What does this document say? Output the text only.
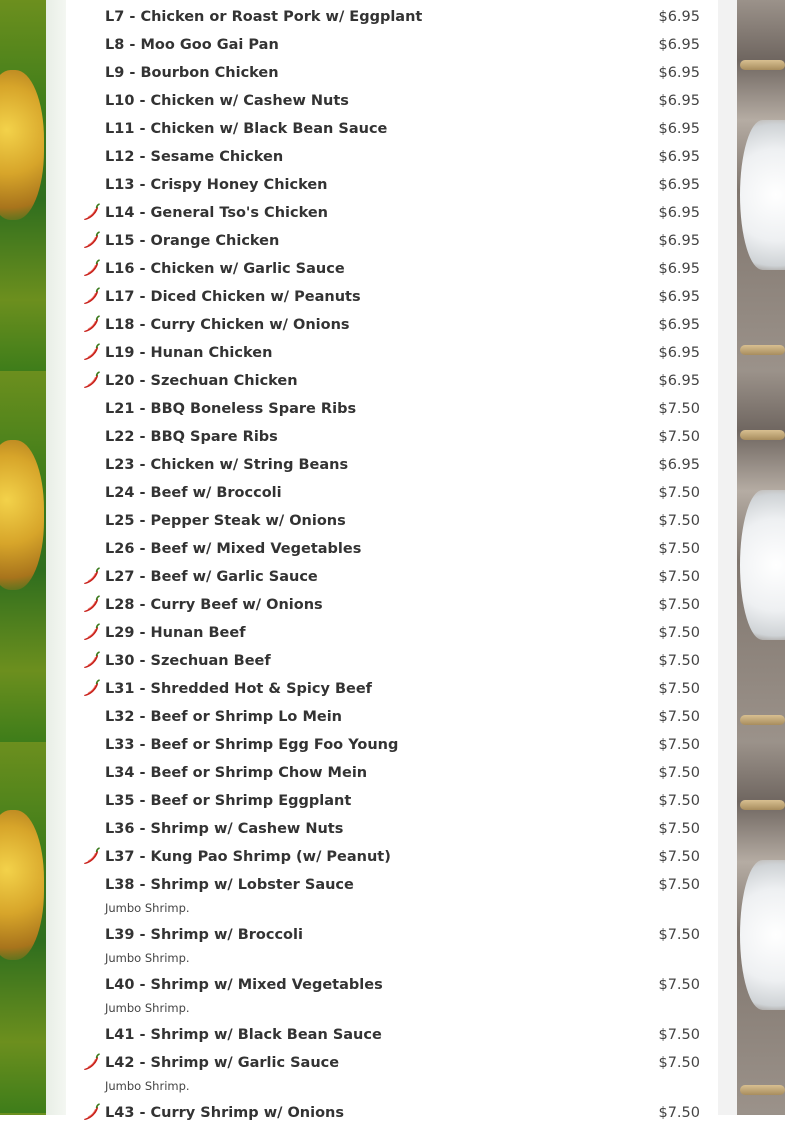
L7 - Chicken or Roast Pork w/ Eggplant	$6.95
L8 - Moo Goo Gai Pan	$6.95
L9 - Bourbon Chicken	$6.95
L10 - Chicken w/ Cashew Nuts	$6.95
L11 - Chicken w/ Black Bean Sauce	$6.95
L12 - Sesame Chicken	$6.95
L13 - Crispy Honey Chicken	$6.95
L14 - General Tso's Chicken	$6.95
L15 - Orange Chicken	$6.95
L16 - Chicken w/ Garlic Sauce	$6.95
L17 - Diced Chicken w/ Peanuts	$6.95
L18 - Curry Chicken w/ Onions	$6.95
L19 - Hunan Chicken	$6.95
L20 - Szechuan Chicken	$6.95
L21 - BBQ Boneless Spare Ribs	$7.50
L22 - BBQ Spare Ribs	$7.50
L23 - Chicken w/ String Beans	$6.95
L24 - Beef w/ Broccoli	$7.50
L25 - Pepper Steak w/ Onions	$7.50
L26 - Beef w/ Mixed Vegetables	$7.50
L27 - Beef w/ Garlic Sauce	$7.50
L28 - Curry Beef w/ Onions	$7.50
L29 - Hunan Beef	$7.50
L30 - Szechuan Beef	$7.50
L31 - Shredded Hot & Spicy Beef	$7.50
L32 - Beef or Shrimp Lo Mein	$7.50
L33 - Beef or Shrimp Egg Foo Young	$7.50
L34 - Beef or Shrimp Chow Mein	$7.50
L35 - Beef or Shrimp Eggplant	$7.50
L36 - Shrimp w/ Cashew Nuts	$7.50
L37 - Kung Pao Shrimp (w/ Peanut)	$7.50
L38 - Shrimp w/ Lobster Sauce	$7.50
Jumbo Shrimp.
L39 - Shrimp w/ Broccoli	$7.50
Jumbo Shrimp.
L40 - Shrimp w/ Mixed Vegetables	$7.50
Jumbo Shrimp.
L41 - Shrimp w/ Black Bean Sauce	$7.50
L42 - Shrimp w/ Garlic Sauce	$7.50
Jumbo Shrimp.
L43 - Curry Shrimp w/ Onions	$7.50
